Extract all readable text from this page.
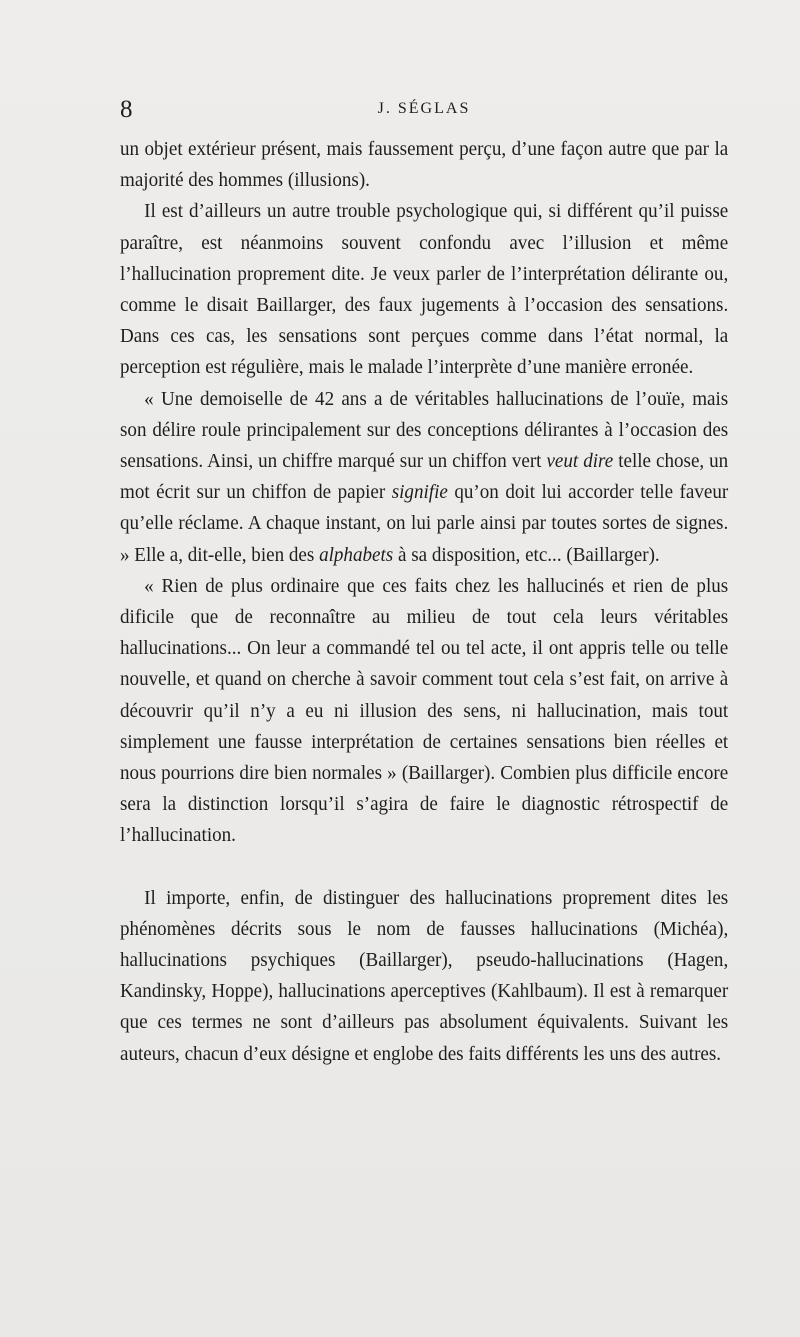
8	J. SÉGLAS

un objet extérieur présent, mais faussement perçu, d’une façon autre que par la majorité des hommes (illusions).

Il est d’ailleurs un autre trouble psychologique qui, si différent qu’il puisse paraître, est néanmoins souvent confondu avec l’illusion et même l’hallucination proprement dite. Je veux parler de l’interprétation délirante ou, comme le disait Baillarger, des faux jugements à l’occasion des sensations. Dans ces cas, les sensations sont perçues comme dans l’état normal, la perception est régulière, mais le malade l’interprète d’une manière erronée.

« Une demoiselle de 42 ans a de véritables hallucinations de l’ouïe, mais son délire roule principalement sur des conceptions délirantes à l’occasion des sensations. Ainsi, un chiffre marqué sur un chiffon vert veut dire telle chose, un mot écrit sur un chiffon de papier signifie qu’on doit lui accorder telle faveur qu’elle réclame. A chaque instant, on lui parle ainsi par toutes sortes de signes. » Elle a, dit-elle, bien des alphabets à sa disposition, etc... (Baillarger).

« Rien de plus ordinaire que ces faits chez les hallucinés et rien de plus dificile que de reconnaître au milieu de tout cela leurs véritables hallucinations... On leur a commandé tel ou tel acte, il ont appris telle ou telle nouvelle, et quand on cherche à savoir comment tout cela s’est fait, on arrive à découvrir qu’il n’y a eu ni illusion des sens, ni hallucination, mais tout simplement une fausse interprétation de certaines sensations bien réelles et nous pourrions dire bien normales » (Baillarger). Combien plus difficile encore sera la distinction lorsqu’il s’agira de faire le diagnostic rétrospectif de l’hallucination.

Il importe, enfin, de distinguer des hallucinations proprement dites les phénomènes décrits sous le nom de fausses hallucinations (Michéa), hallucinations psychiques (Baillarger), pseudo-hallucinations (Hagen, Kandinsky, Hoppe), hallucinations aperceptives (Kahlbaum). Il est à remarquer que ces termes ne sont d’ailleurs pas absolument équivalents. Suivant les auteurs, chacun d’eux désigne et englobe des faits différents les uns des autres.
